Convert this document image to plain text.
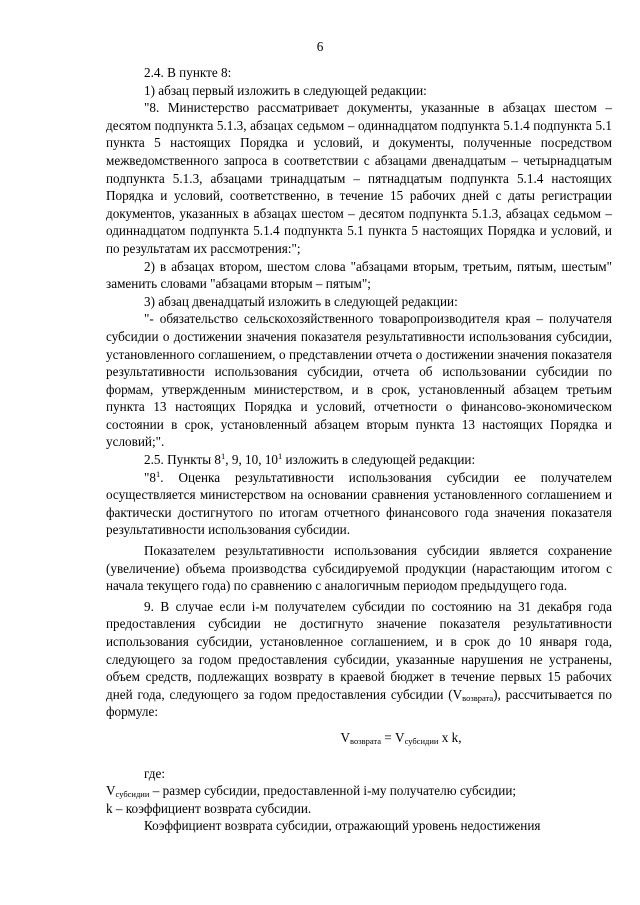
6

2.4. В пункте 8:

1) абзац первый изложить в следующей редакции:

"8. Министерство рассматривает документы, указанные в абзацах шестом – десятом подпункта 5.1.3, абзацах седьмом – одиннадцатом подпункта 5.1.4 подпункта 5.1 пункта 5 настоящих Порядка и условий, и документы, полученные посредством межведомственного запроса в соответствии с абзацами двенадцатым – четырнадцатым подпункта 5.1.3, абзацами тринадцатым – пятнадцатым подпункта 5.1.4 настоящих Порядка и условий, соответственно, в течение 15 рабочих дней с даты регистрации документов, указанных в абзацах шестом – десятом подпункта 5.1.3, абзацах седьмом – одиннадцатом подпункта 5.1.4 подпункта 5.1 пункта 5 настоящих Порядка и условий, и по результатам их рассмотрения:";

2) в абзацах втором, шестом слова "абзацами вторым, третьим, пятым, шестым" заменить словами "абзацами вторым – пятым";

3) абзац двенадцатый изложить в следующей редакции:

"- обязательство сельскохозяйственного товаропроизводителя края – получателя субсидии о достижении значения показателя результативности использования субсидии, установленного соглашением, о представлении отчета о достижении значения показателя результативности использования субсидии, отчета об использовании субсидии по формам, утвержденным министерством, и в срок, установленный абзацем третьим пункта 13 настоящих Порядка и условий, отчетности о финансово-экономическом состоянии в срок, установленный абзацем вторым пункта 13 настоящих Порядка и условий;".

2.5. Пункты $8^1$, 9, 10, $10^1$ изложить в следующей редакции:

"$8^1$. Оценка результативности использования субсидии ее получателем осуществляется министерством на основании сравнения установленного соглашением и фактически достигнутого по итогам отчетного финансового года значения показателя результативности использования субсидии.

Показателем результативности использования субсидии является сохранение (увеличение) объема производства субсидируемой продукции (нарастающим итогом с начала текущего года) по сравнению с аналогичным периодом предыдущего года.

9. В случае если i-м получателем субсидии по состоянию на 31 декабря года предоставления субсидии не достигнуто значение показателя результативности использования субсидии, установленное соглашением, и в срок до 10 января года, следующего за годом предоставления субсидии, указанные нарушения не устранены, объем средств, подлежащих возврату в краевой бюджет в течение первых 15 рабочих дней года, следующего за годом предоставления субсидии $(V_{возврата})$, рассчитывается по формуле:

$V_{возврата} = V_{субсидии}$ x k,

где:

$V_{субсидии}$ – размер субсидии, предоставленной i-му получателю субсидии;

k – коэффициент возврата субсидии.

Коэффициент возврата субсидии, отражающий уровень недостижения
